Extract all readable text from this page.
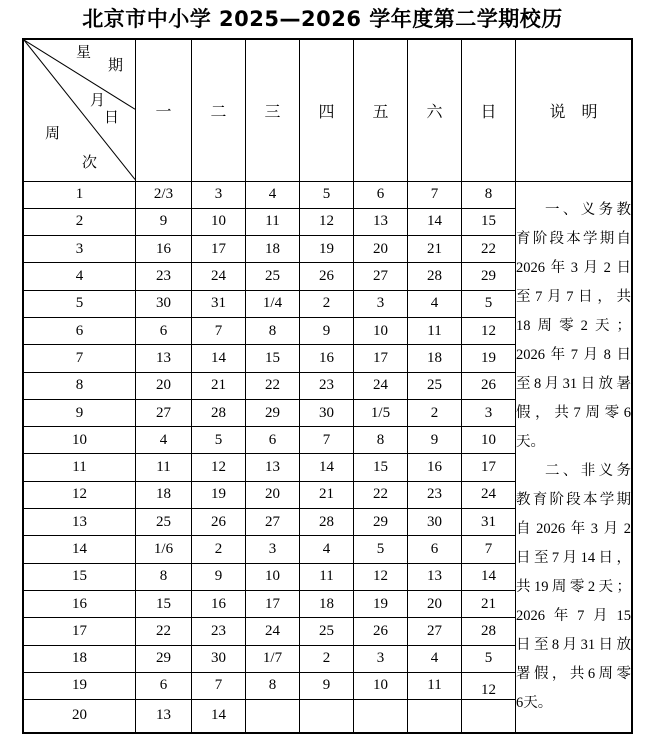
北京市中小学 2025—2026 学年度第二学期校历
星
期
月
日
周
次
	一	二	三	四	五	六	日	说　明
1	2/3	3	4	5	6	7	8	
一、义务教
育阶段本学期自
2026年3月2日
至7月7日，共
18周零2天；
2026年7月8日
至8月31日放暑
假，共7周零6
天。
二、非义务
教育阶段本学期
自2026年3月2
日至7月14日，
共19周零2天；
2026年7月15
日至8月31日放
署假，共6周零
6天。

2	9	10	11	12	13	14	15	
3	16	17	18	19	20	21	22	
4	23	24	25	26	27	28	29	
5	30	31	1/4	2	3	4	5	
6	6	7	8	9	10	11	12	
7	13	14	15	16	17	18	19	
8	20	21	22	23	24	25	26	
9	27	28	29	30	1/5	2	3	
10	4	5	6	7	8	9	10	
11	11	12	13	14	15	16	17	
12	18	19	20	21	22	23	24	
13	25	26	27	28	29	30	31	
14	1/6	2	3	4	5	6	7	
15	8	9	10	11	12	13	14	
16	15	16	17	18	19	20	21	
17	22	23	24	25	26	27	28	
18	29	30	1/7	2	3	4	5	
19	6	7	8	9	10	11	12	
20	13	14						
